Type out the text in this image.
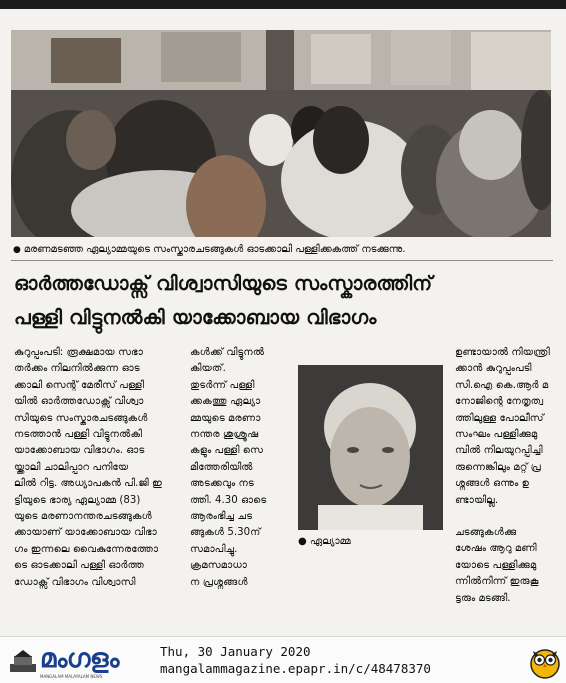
● മരണമടഞ്ഞ ഏല്യാമ്മയുടെ സംസ്കാരചടങ്ങുകൾ ഓടക്കാലി പള്ളിക്കകത്ത് നടക്കുന്നു.
ഓർത്തഡോക്സ് വിശ്വാസിയുടെ സംസ്കാരത്തിന്
പള്ളി വിട്ടുനൽകി യാക്കോബായ വിഭാഗം
കുറുപ്പംപടി: രൂക്ഷമായ സഭാ
തർക്കം നിലനിൽക്കുന്ന ഓട
ക്കാലി സെന്റ് മേരീസ് പള്ളി
യിൽ ഓർത്തഡോക്സ് വിശ്വാ
സിയുടെ സംസ്കാരചടങ്ങുകൾ
നടത്താൻ പള്ളി വിട്ടുനൽകി
യാക്കോബായ വിഭാഗം. ഓട
യ്ക്കാലി ചാലിപ്പാറ പനിയേ
ലിൽ റിട്ട. അധ്യാപകൻ പി.ജി ഇ
ട്ടിയുടെ ഭാര്യ ഏല്യാമ്മ (83)
യുടെ മരണാനന്തരചടങ്ങുകൾ
ക്കായാണ് യാക്കോബായ വിഭാ
ഗം ഇന്നലെ വൈകുന്നേരത്തോ
ടെ ഓടക്കാലി പള്ളി ഓർത്ത
ഡോക്സ് വിഭാഗം വിശ്വാസി
കൾക്ക് വിട്ടുനൽ
കിയത്.
തുടർന്ന് പള്ളി
ക്കകത്തു ഏല്യാ
മ്മയുടെ മരണാ
നന്തര ശുശ്രൂഷ
കളും പള്ളി സെ
മിത്തേരിയിൽ
അടക്കവും നട
ത്തി. 4.30 ഓടെ
ആരംഭിച്ച ചട
ങ്ങുകൾ 5.30ന്
സമാപിച്ചു.
ക്രമസമാധാ
ന പ്രശ്നങ്ങൾ
● ഏല്യാമ്മ
ഉണ്ടായാൽ നിയന്ത്രി
ക്കാൻ കുറുപ്പംപടി
സി.ഐ കെ.ആർ മ
നോജിന്റെ നേതൃത്വ
ത്തിലുള്ള പോലീസ്
സംഘം പള്ളിക്കുമു
മ്പിൽ നിലയുറപ്പിച്ചി
രുന്നെങ്കിലും മറ്റ് പ്ര
ശ്നങ്ങൾ ഒന്നും ഉ
ണ്ടായില്ല.
ചടങ്ങുകൾക്കു
ശേഷം ആറു മണി
യോടെ പള്ളിക്കുമു
ന്നിൽനിന്ന് ഇരുകൂ
ട്ടരും മടങ്ങി.
മംഗളം
MANGALAM MALAYALAM NEWS
Thu, 30 January 2020
mangalammagazine.epapr.in/c/48478370
